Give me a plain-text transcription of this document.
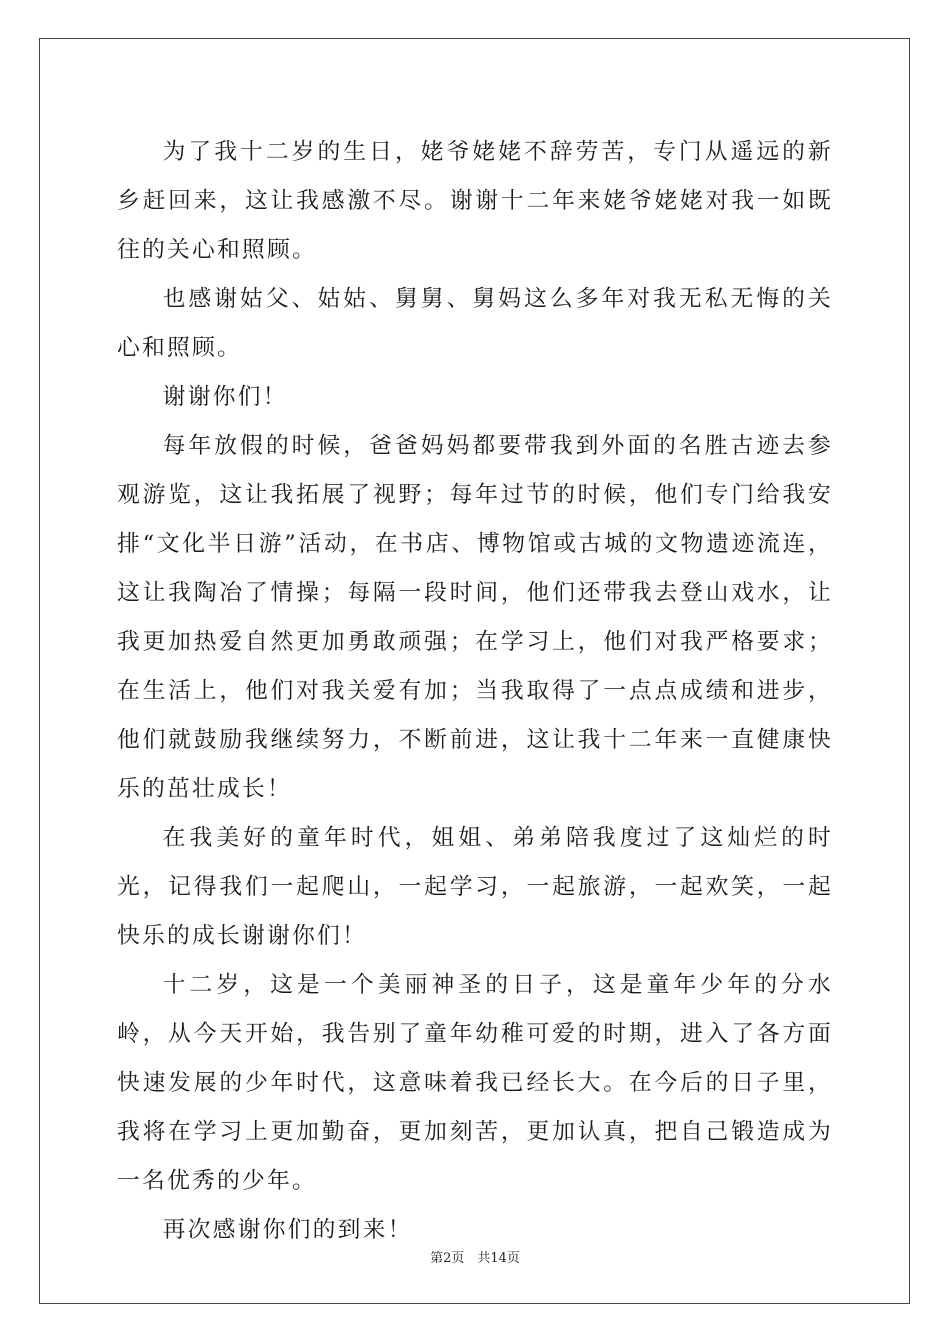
为了我十二岁的生日，姥爷姥姥不辞劳苦，专门从遥远的新乡赶回来，这让我感激不尽。谢谢十二年来姥爷姥姥对我一如既往的关心和照顾。

也感谢姑父、姑姑、舅舅、舅妈这么多年对我无私无悔的关心和照顾。

谢谢你们！

每年放假的时候，爸爸妈妈都要带我到外面的名胜古迹去参观游览，这让我拓展了视野；每年过节的时候，他们专门给我安排“文化半日游”活动，在书店、博物馆或古城的文物遗迹流连，这让我陶冶了情操；每隔一段时间，他们还带我去登山戏水，让我更加热爱自然更加勇敢顽强；在学习上，他们对我严格要求；在生活上，他们对我关爱有加；当我取得了一点点成绩和进步，他们就鼓励我继续努力，不断前进，这让我十二年来一直健康快乐的茁壮成长！

在我美好的童年时代，姐姐、弟弟陪我度过了这灿烂的时光，记得我们一起爬山，一起学习，一起旅游，一起欢笑，一起快乐的成长谢谢你们！

十二岁，这是一个美丽神圣的日子，这是童年少年的分水岭，从今天开始，我告别了童年幼稚可爱的时期，进入了各方面快速发展的少年时代，这意味着我已经长大。在今后的日子里，我将在学习上更加勤奋，更加刻苦，更加认真，把自己锻造成为一名优秀的少年。

再次感谢你们的到来！

第2页　共14页
